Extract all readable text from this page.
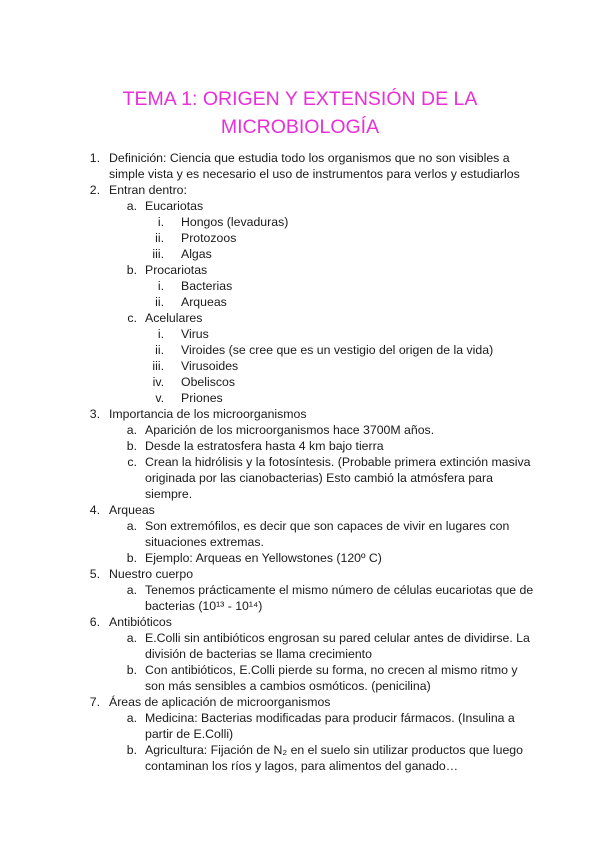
TEMA 1: ORIGEN Y EXTENSIÓN DE LA
MICROBIOLOGÍA
1. Definición: Ciencia que estudia todo los organismos que no son visibles a
simple vista y es necesario el uso de instrumentos para verlos y estudiarlos
2. Entran dentro:
a. Eucariotas
i. Hongos (levaduras)
ii. Protozoos
iii. Algas
b. Procariotas
i. Bacterias
ii. Arqueas
c. Acelulares
i. Virus
ii. Viroides (se cree que es un vestigio del origen de la vida)
iii. Virusoides
iv. Obeliscos
v. Priones
3. Importancia de los microorganismos
a. Aparición de los microorganismos hace 3700M años.
b. Desde la estratosfera hasta 4 km bajo tierra
c. Crean la hidrólisis y la fotosíntesis. (Probable primera extinción masiva
originada por las cianobacterias) Esto cambió la atmósfera para
siempre.
4. Arqueas
a. Son extremófilos, es decir que son capaces de vivir en lugares con
situaciones extremas.
b. Ejemplo: Arqueas en Yellowstones (120º C)
5. Nuestro cuerpo
a. Tenemos prácticamente el mismo número de células eucariotas que de
bacterias (10¹³ - 10¹⁴)
6. Antibióticos
a. E.Colli sin antibióticos engrosan su pared celular antes de dividirse. La
división de bacterias se llama crecimiento
b. Con antibióticos, E.Colli pierde su forma, no crecen al mismo ritmo y
son más sensibles a cambios osmóticos. (penicilina)
7. Áreas de aplicación de microorganismos
a. Medicina: Bacterias modificadas para producir fármacos. (Insulina a
partir de E.Colli)
b. Agricultura: Fijación de N₂ en el suelo sin utilizar productos que luego
contaminan los ríos y lagos, para alimentos del ganado…
